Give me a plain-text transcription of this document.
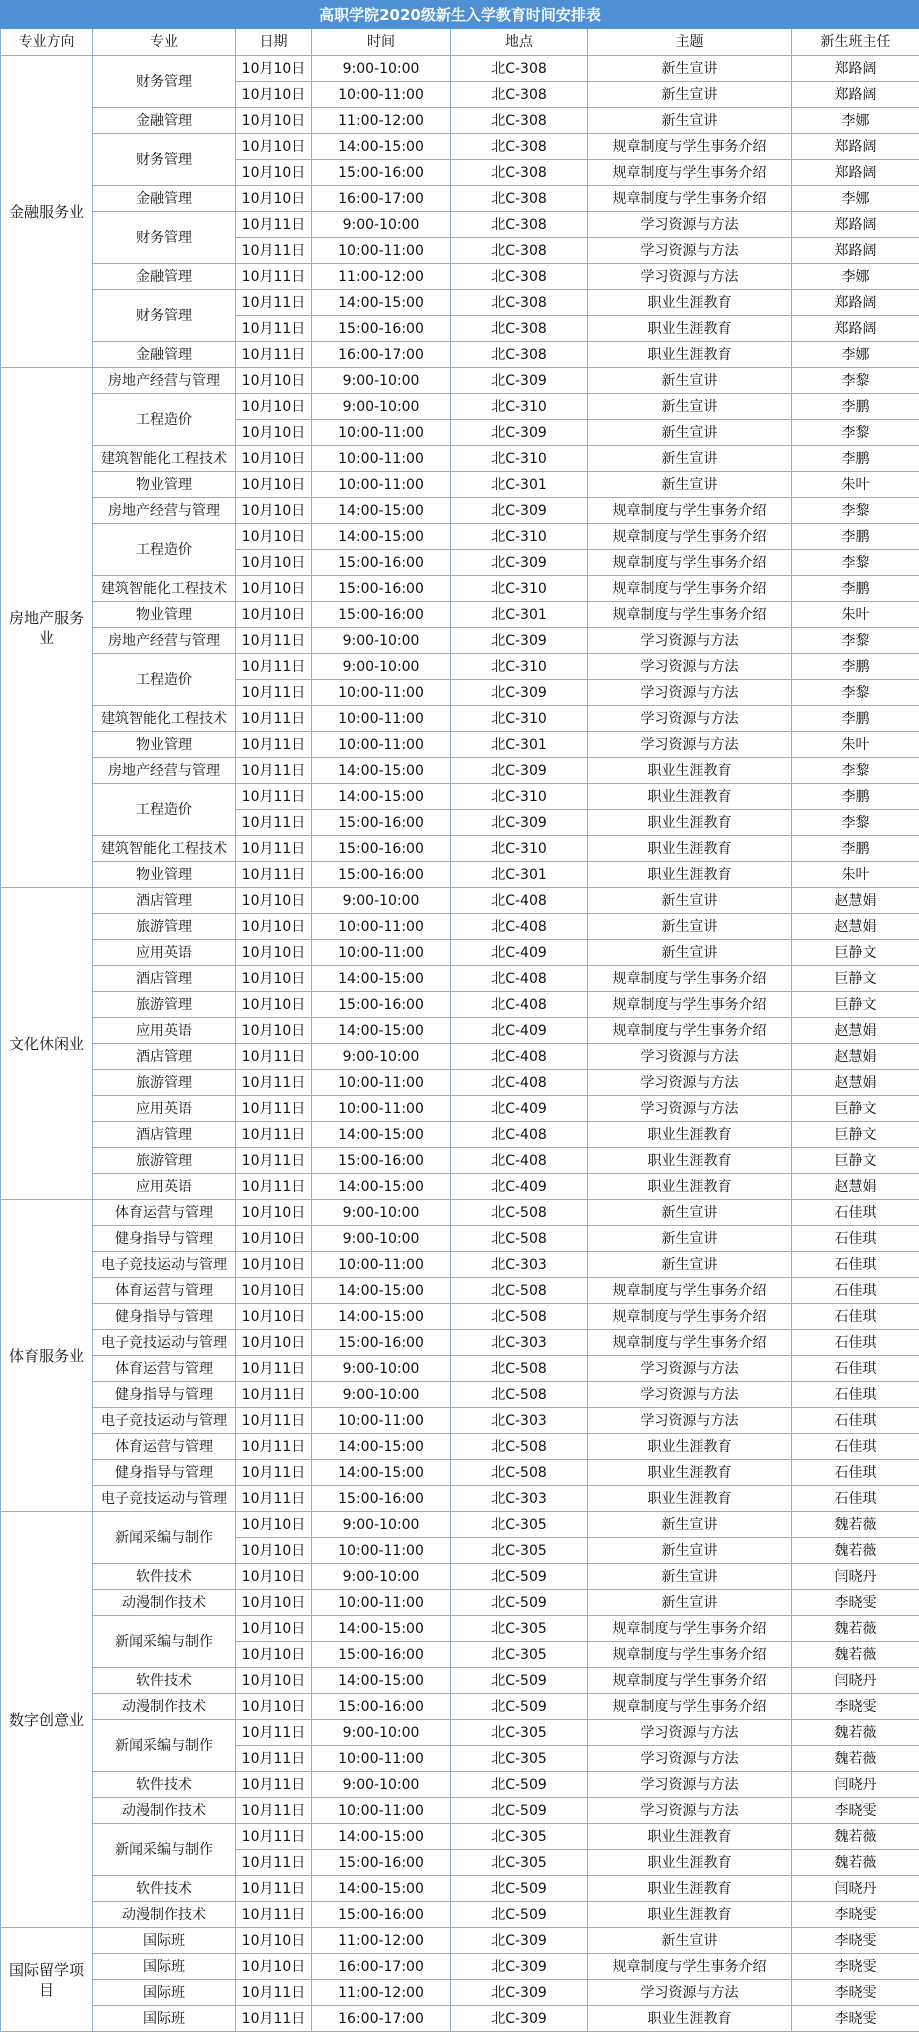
高职学院2020级新生入学教育时间安排表						
专业方向	专业	日期	时间	地点	主题	新生班主任
金融服务业	财务管理	10月10日	9:00-10:00	北C-308	新生宣讲	郑路阔
		10月10日	10:00-11:00	北C-308	新生宣讲	郑路阔
	金融管理	10月10日	11:00-12:00	北C-308	新生宣讲	李娜
	财务管理	10月10日	14:00-15:00	北C-308	规章制度与学生事务介绍	郑路阔
		10月10日	15:00-16:00	北C-308	规章制度与学生事务介绍	郑路阔
	金融管理	10月10日	16:00-17:00	北C-308	规章制度与学生事务介绍	李娜
	财务管理	10月11日	9:00-10:00	北C-308	学习资源与方法	郑路阔
		10月11日	10:00-11:00	北C-308	学习资源与方法	郑路阔
	金融管理	10月11日	11:00-12:00	北C-308	学习资源与方法	李娜
	财务管理	10月11日	14:00-15:00	北C-308	职业生涯教育	郑路阔
		10月11日	15:00-16:00	北C-308	职业生涯教育	郑路阔
	金融管理	10月11日	16:00-17:00	北C-308	职业生涯教育	李娜
房地产服务业	房地产经营与管理	10月10日	9:00-10:00	北C-309	新生宣讲	李黎
	工程造价	10月10日	9:00-10:00	北C-310	新生宣讲	李鹏
		10月10日	10:00-11:00	北C-309	新生宣讲	李黎
	建筑智能化工程技术	10月10日	10:00-11:00	北C-310	新生宣讲	李鹏
	物业管理	10月10日	10:00-11:00	北C-301	新生宣讲	朱叶
	房地产经营与管理	10月10日	14:00-15:00	北C-309	规章制度与学生事务介绍	李黎
	工程造价	10月10日	14:00-15:00	北C-310	规章制度与学生事务介绍	李鹏
		10月10日	15:00-16:00	北C-309	规章制度与学生事务介绍	李黎
	建筑智能化工程技术	10月10日	15:00-16:00	北C-310	规章制度与学生事务介绍	李鹏
	物业管理	10月10日	15:00-16:00	北C-301	规章制度与学生事务介绍	朱叶
	房地产经营与管理	10月11日	9:00-10:00	北C-309	学习资源与方法	李黎
	工程造价	10月11日	9:00-10:00	北C-310	学习资源与方法	李鹏
		10月11日	10:00-11:00	北C-309	学习资源与方法	李黎
	建筑智能化工程技术	10月11日	10:00-11:00	北C-310	学习资源与方法	李鹏
	物业管理	10月11日	10:00-11:00	北C-301	学习资源与方法	朱叶
	房地产经营与管理	10月11日	14:00-15:00	北C-309	职业生涯教育	李黎
	工程造价	10月11日	14:00-15:00	北C-310	职业生涯教育	李鹏
		10月11日	15:00-16:00	北C-309	职业生涯教育	李黎
	建筑智能化工程技术	10月11日	15:00-16:00	北C-310	职业生涯教育	李鹏
	物业管理	10月11日	15:00-16:00	北C-301	职业生涯教育	朱叶
文化休闲业	酒店管理	10月10日	9:00-10:00	北C-408	新生宣讲	赵慧娟
	旅游管理	10月10日	10:00-11:00	北C-408	新生宣讲	赵慧娟
	应用英语	10月10日	10:00-11:00	北C-409	新生宣讲	巨静文
	酒店管理	10月10日	14:00-15:00	北C-408	规章制度与学生事务介绍	巨静文
	旅游管理	10月10日	15:00-16:00	北C-408	规章制度与学生事务介绍	巨静文
	应用英语	10月10日	14:00-15:00	北C-409	规章制度与学生事务介绍	赵慧娟
	酒店管理	10月11日	9:00-10:00	北C-408	学习资源与方法	赵慧娟
	旅游管理	10月11日	10:00-11:00	北C-408	学习资源与方法	赵慧娟
	应用英语	10月11日	10:00-11:00	北C-409	学习资源与方法	巨静文
	酒店管理	10月11日	14:00-15:00	北C-408	职业生涯教育	巨静文
	旅游管理	10月11日	15:00-16:00	北C-408	职业生涯教育	巨静文
	应用英语	10月11日	14:00-15:00	北C-409	职业生涯教育	赵慧娟
体育服务业	体育运营与管理	10月10日	9:00-10:00	北C-508	新生宣讲	石佳琪
	健身指导与管理	10月10日	9:00-10:00	北C-508	新生宣讲	石佳琪
	电子竞技运动与管理	10月10日	10:00-11:00	北C-303	新生宣讲	石佳琪
	体育运营与管理	10月10日	14:00-15:00	北C-508	规章制度与学生事务介绍	石佳琪
	健身指导与管理	10月10日	14:00-15:00	北C-508	规章制度与学生事务介绍	石佳琪
	电子竞技运动与管理	10月10日	15:00-16:00	北C-303	规章制度与学生事务介绍	石佳琪
	体育运营与管理	10月11日	9:00-10:00	北C-508	学习资源与方法	石佳琪
	健身指导与管理	10月11日	9:00-10:00	北C-508	学习资源与方法	石佳琪
	电子竞技运动与管理	10月11日	10:00-11:00	北C-303	学习资源与方法	石佳琪
	体育运营与管理	10月11日	14:00-15:00	北C-508	职业生涯教育	石佳琪
	健身指导与管理	10月11日	14:00-15:00	北C-508	职业生涯教育	石佳琪
	电子竞技运动与管理	10月11日	15:00-16:00	北C-303	职业生涯教育	石佳琪
数字创意业	新闻采编与制作	10月10日	9:00-10:00	北C-305	新生宣讲	魏若薇
		10月10日	10:00-11:00	北C-305	新生宣讲	魏若薇
	软件技术	10月10日	9:00-10:00	北C-509	新生宣讲	闫晓丹
	动漫制作技术	10月10日	10:00-11:00	北C-509	新生宣讲	李晓雯
	新闻采编与制作	10月10日	14:00-15:00	北C-305	规章制度与学生事务介绍	魏若薇
		10月10日	15:00-16:00	北C-305	规章制度与学生事务介绍	魏若薇
	软件技术	10月10日	14:00-15:00	北C-509	规章制度与学生事务介绍	闫晓丹
	动漫制作技术	10月10日	15:00-16:00	北C-509	规章制度与学生事务介绍	李晓雯
	新闻采编与制作	10月11日	9:00-10:00	北C-305	学习资源与方法	魏若薇
		10月11日	10:00-11:00	北C-305	学习资源与方法	魏若薇
	软件技术	10月11日	9:00-10:00	北C-509	学习资源与方法	闫晓丹
	动漫制作技术	10月11日	10:00-11:00	北C-509	学习资源与方法	李晓雯
	新闻采编与制作	10月11日	14:00-15:00	北C-305	职业生涯教育	魏若薇
		10月11日	15:00-16:00	北C-305	职业生涯教育	魏若薇
	软件技术	10月11日	14:00-15:00	北C-509	职业生涯教育	闫晓丹
	动漫制作技术	10月11日	15:00-16:00	北C-509	职业生涯教育	李晓雯
国际留学项目	国际班	10月10日	11:00-12:00	北C-309	新生宣讲	李晓雯
	国际班	10月10日	16:00-17:00	北C-309	规章制度与学生事务介绍	李晓雯
	国际班	10月11日	11:00-12:00	北C-309	学习资源与方法	李晓雯
	国际班	10月11日	16:00-17:00	北C-309	职业生涯教育	李晓雯
